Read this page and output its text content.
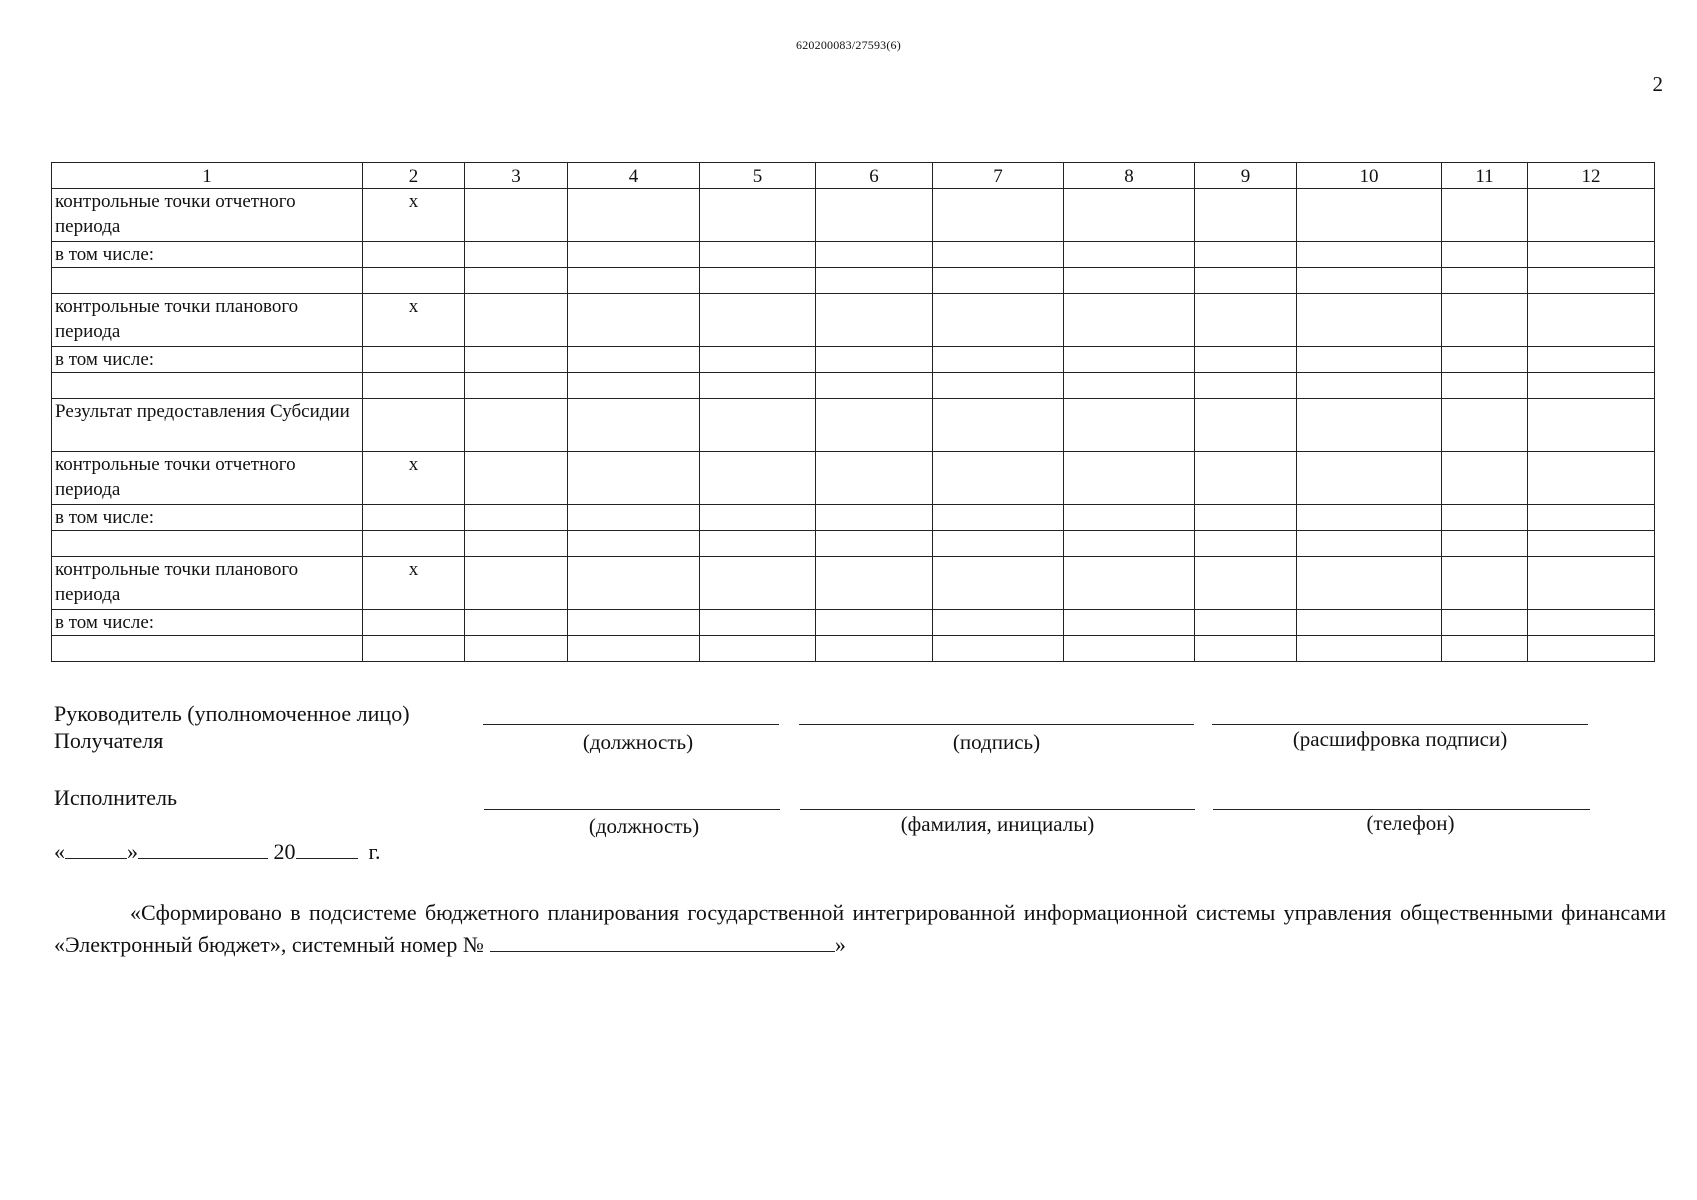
620200083/27593(6)
2
1	2	3	4	5	6	7	8	9	10	11	12
контрольные точки отчетного периода	x										
в том числе:											

контрольные точки планового периода	x										
в том числе:											

Результат предоставления Субсидии											
контрольные точки отчетного периода	x										
в том числе:											

контрольные точки планового периода	x										
в том числе:											

Руководитель (уполномоченное лицо)
Получателя	(должность)	(подпись)	(расшифровка подписи)
Исполнитель
(должность)	(фамилия, инициалы)	(телефон)
«	»	20	г.
«Сформировано в подсистеме бюджетного планирования государственной интегрированной информационной системы управления общественными финансами «Электронный бюджет», системный номер №	»
